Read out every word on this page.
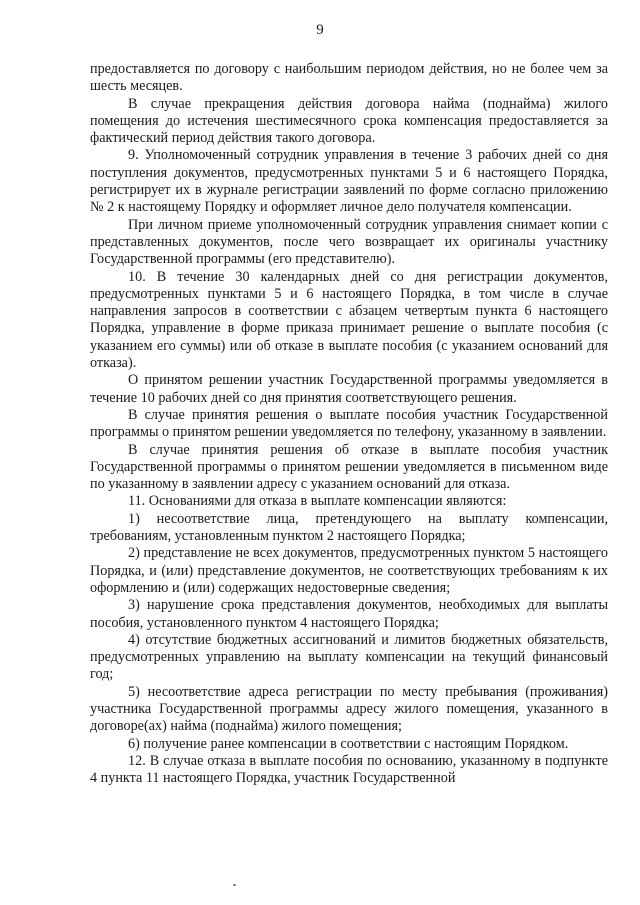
9

предоставляется по договору с наибольшим периодом действия, но не более чем за шесть месяцев.

В случае прекращения действия договора найма (поднайма) жилого помещения до истечения шестимесячного срока компенсация предоставляется за фактический период действия такого договора.

9. Уполномоченный сотрудник управления в течение 3 рабочих дней со дня поступления документов, предусмотренных пунктами 5 и 6 настоящего Порядка, регистрирует их в журнале регистрации заявлений по форме согласно приложению № 2 к настоящему Порядку и оформляет личное дело получателя компенсации.

При личном приеме уполномоченный сотрудник управления снимает копии с представленных документов, после чего возвращает их оригиналы участнику Государственной программы (его представителю).

10. В течение 30 календарных дней со дня регистрации документов, предусмотренных пунктами 5 и 6 настоящего Порядка, в том числе в случае направления запросов в соответствии с абзацем четвертым пункта 6 настоящего Порядка, управление в форме приказа принимает решение о выплате пособия (с указанием его суммы) или об отказе в выплате пособия (с указанием оснований для отказа).

О принятом решении участник Государственной программы уведомляется в течение 10 рабочих дней со дня принятия соответствующего решения.

В случае принятия решения о выплате пособия участник Государственной программы о принятом решении уведомляется по телефону, указанному в заявлении.

В случае принятия решения об отказе в выплате пособия участник Государственной программы о принятом решении уведомляется в письменном виде по указанному в заявлении адресу с указанием оснований для отказа.

11. Основаниями для отказа в выплате компенсации являются:

1) несоответствие лица, претендующего на выплату компенсации, требованиям, установленным пунктом 2 настоящего Порядка;

2) представление не всех документов, предусмотренных пунктом 5 настоящего Порядка, и (или) представление документов, не соответствующих требованиям к их оформлению и (или) содержащих недостоверные сведения;

3) нарушение срока представления документов, необходимых для выплаты пособия, установленного пунктом 4 настоящего Порядка;

4) отсутствие бюджетных ассигнований и лимитов бюджетных обязательств, предусмотренных управлению на выплату компенсации на текущий финансовый год;

5) несоответствие адреса регистрации по месту пребывания (проживания) участника Государственной программы адресу жилого помещения, указанного в договоре(ах) найма (поднайма) жилого помещения;

6) получение ранее компенсации в соответствии с настоящим Порядком.

12. В случае отказа в выплате пособия по основанию, указанному в подпункте 4 пункта 11 настоящего Порядка, участник Государственной
